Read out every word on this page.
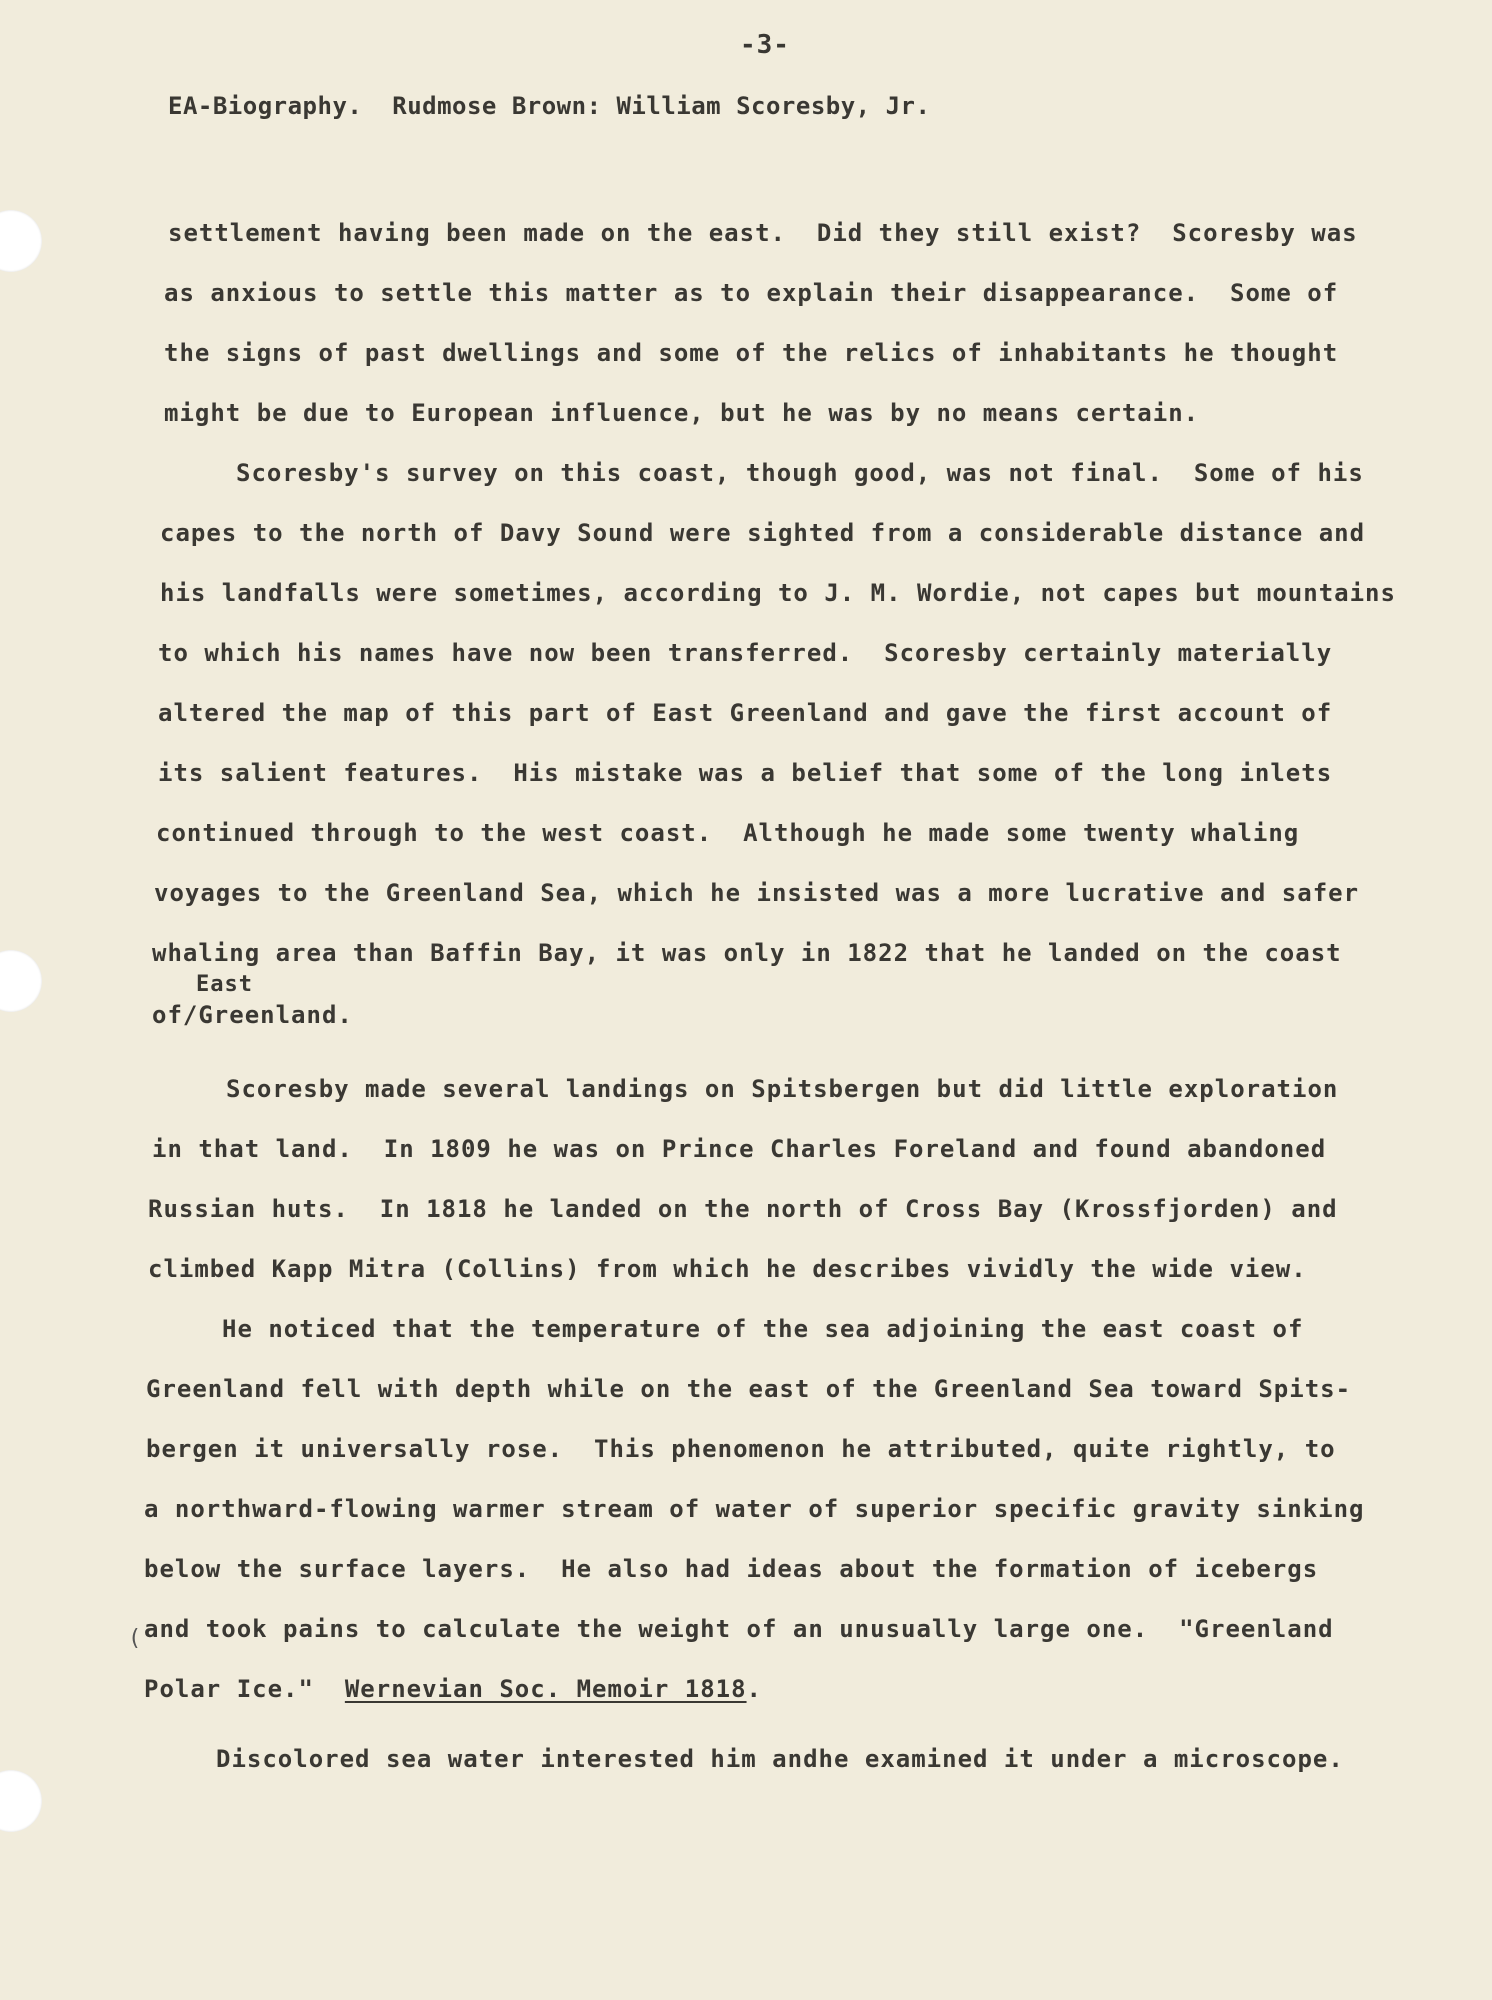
-3-
EA-Biography.  Rudmose Brown: William Scoresby, Jr.
settlement having been made on the east.  Did they still exist?  Scoresby was
as anxious to settle this matter as to explain their disappearance.  Some of
the signs of past dwellings and some of the relics of inhabitants he thought
might be due to European influence, but he was by no means certain.
Scoresby's survey on this coast, though good, was not final.  Some of his
capes to the north of Davy Sound were sighted from a considerable distance and
his landfalls were sometimes, according to J. M. Wordie, not capes but mountains
to which his names have now been transferred.  Scoresby certainly materially
altered the map of this part of East Greenland and gave the first account of
its salient features.  His mistake was a belief that some of the long inlets
continued through to the west coast.  Although he made some twenty whaling
voyages to the Greenland Sea, which he insisted was a more lucrative and safer
whaling area than Baffin Bay, it was only in 1822 that he landed on the coast
East
of/Greenland.
Scoresby made several landings on Spitsbergen but did little exploration
in that land.  In 1809 he was on Prince Charles Foreland and found abandoned
Russian huts.  In 1818 he landed on the north of Cross Bay (Krossfjorden) and
climbed Kapp Mitra (Collins) from which he describes vividly the wide view.
He noticed that the temperature of the sea adjoining the east coast of
Greenland fell with depth while on the east of the Greenland Sea toward Spits-
bergen it universally rose.  This phenomenon he attributed, quite rightly, to
a northward-flowing warmer stream of water of superior specific gravity sinking
below the surface layers.  He also had ideas about the formation of icebergs
( and took pains to calculate the weight of an unusually large one.  "Greenland
Polar Ice." Wernevian Soc. Memoir 1818.
Discolored sea water interested him andhe examined it under a microscope.
